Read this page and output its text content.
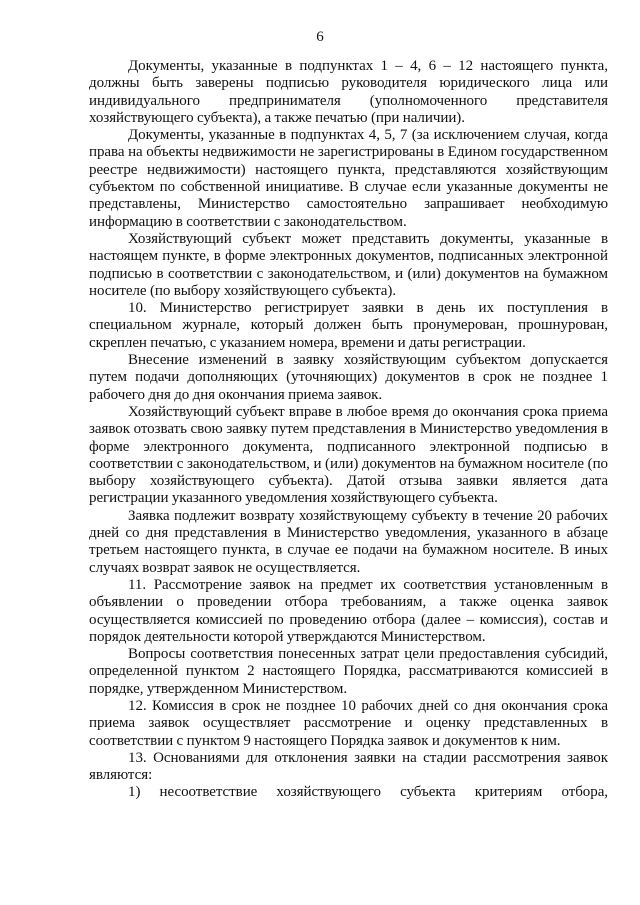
6

Документы, указанные в подпунктах 1 – 4, 6 – 12 настоящего пункта, должны быть заверены подписью руководителя юридического лица или индивидуального предпринимателя (уполномоченного представителя хозяйствующего субъекта), а также печатью (при наличии).

Документы, указанные в подпунктах 4, 5, 7 (за исключением случая, когда права на объекты недвижимости не зарегистрированы в Едином государственном реестре недвижимости) настоящего пункта, представляются хозяйствующим субъектом по собственной инициативе. В случае если указанные документы не представлены, Министерство самостоятельно запрашивает необходимую информацию в соответствии с законодательством.

Хозяйствующий субъект может представить документы, указанные в настоящем пункте, в форме электронных документов, подписанных электронной подписью в соответствии с законодательством, и (или) документов на бумажном носителе (по выбору хозяйствующего субъекта).

10. Министерство регистрирует заявки в день их поступления в специальном журнале, который должен быть пронумерован, прошнурован, скреплен печатью, с указанием номера, времени и даты регистрации.

Внесение изменений в заявку хозяйствующим субъектом допускается путем подачи дополняющих (уточняющих) документов в срок не позднее 1 рабочего дня до дня окончания приема заявок.

Хозяйствующий субъект вправе в любое время до окончания срока приема заявок отозвать свою заявку путем представления в Министерство уведомления в форме электронного документа, подписанного электронной подписью в соответствии с законодательством, и (или) документов на бумажном носителе (по выбору хозяйствующего субъекта). Датой отзыва заявки является дата регистрации указанного уведомления хозяйствующего субъекта.

Заявка подлежит возврату хозяйствующему субъекту в течение 20 рабочих дней со дня представления в Министерство уведомления, указанного в абзаце третьем настоящего пункта, в случае ее подачи на бумажном носителе. В иных случаях возврат заявок не осуществляется.

11. Рассмотрение заявок на предмет их соответствия установленным в объявлении о проведении отбора требованиям, а также оценка заявок осуществляется комиссией по проведению отбора (далее – комиссия), состав и порядок деятельности которой утверждаются Министерством.

Вопросы соответствия понесенных затрат цели предоставления субсидий, определенной пунктом 2 настоящего Порядка, рассматриваются комиссией в порядке, утвержденном Министерством.

12. Комиссия в срок не позднее 10 рабочих дней со дня окончания срока приема заявок осуществляет рассмотрение и оценку представленных в соответствии с пунктом 9 настоящего Порядка заявок и документов к ним.

13. Основаниями для отклонения заявки на стадии рассмотрения заявок являются:

1) несоответствие хозяйствующего субъекта критериям отбора,
